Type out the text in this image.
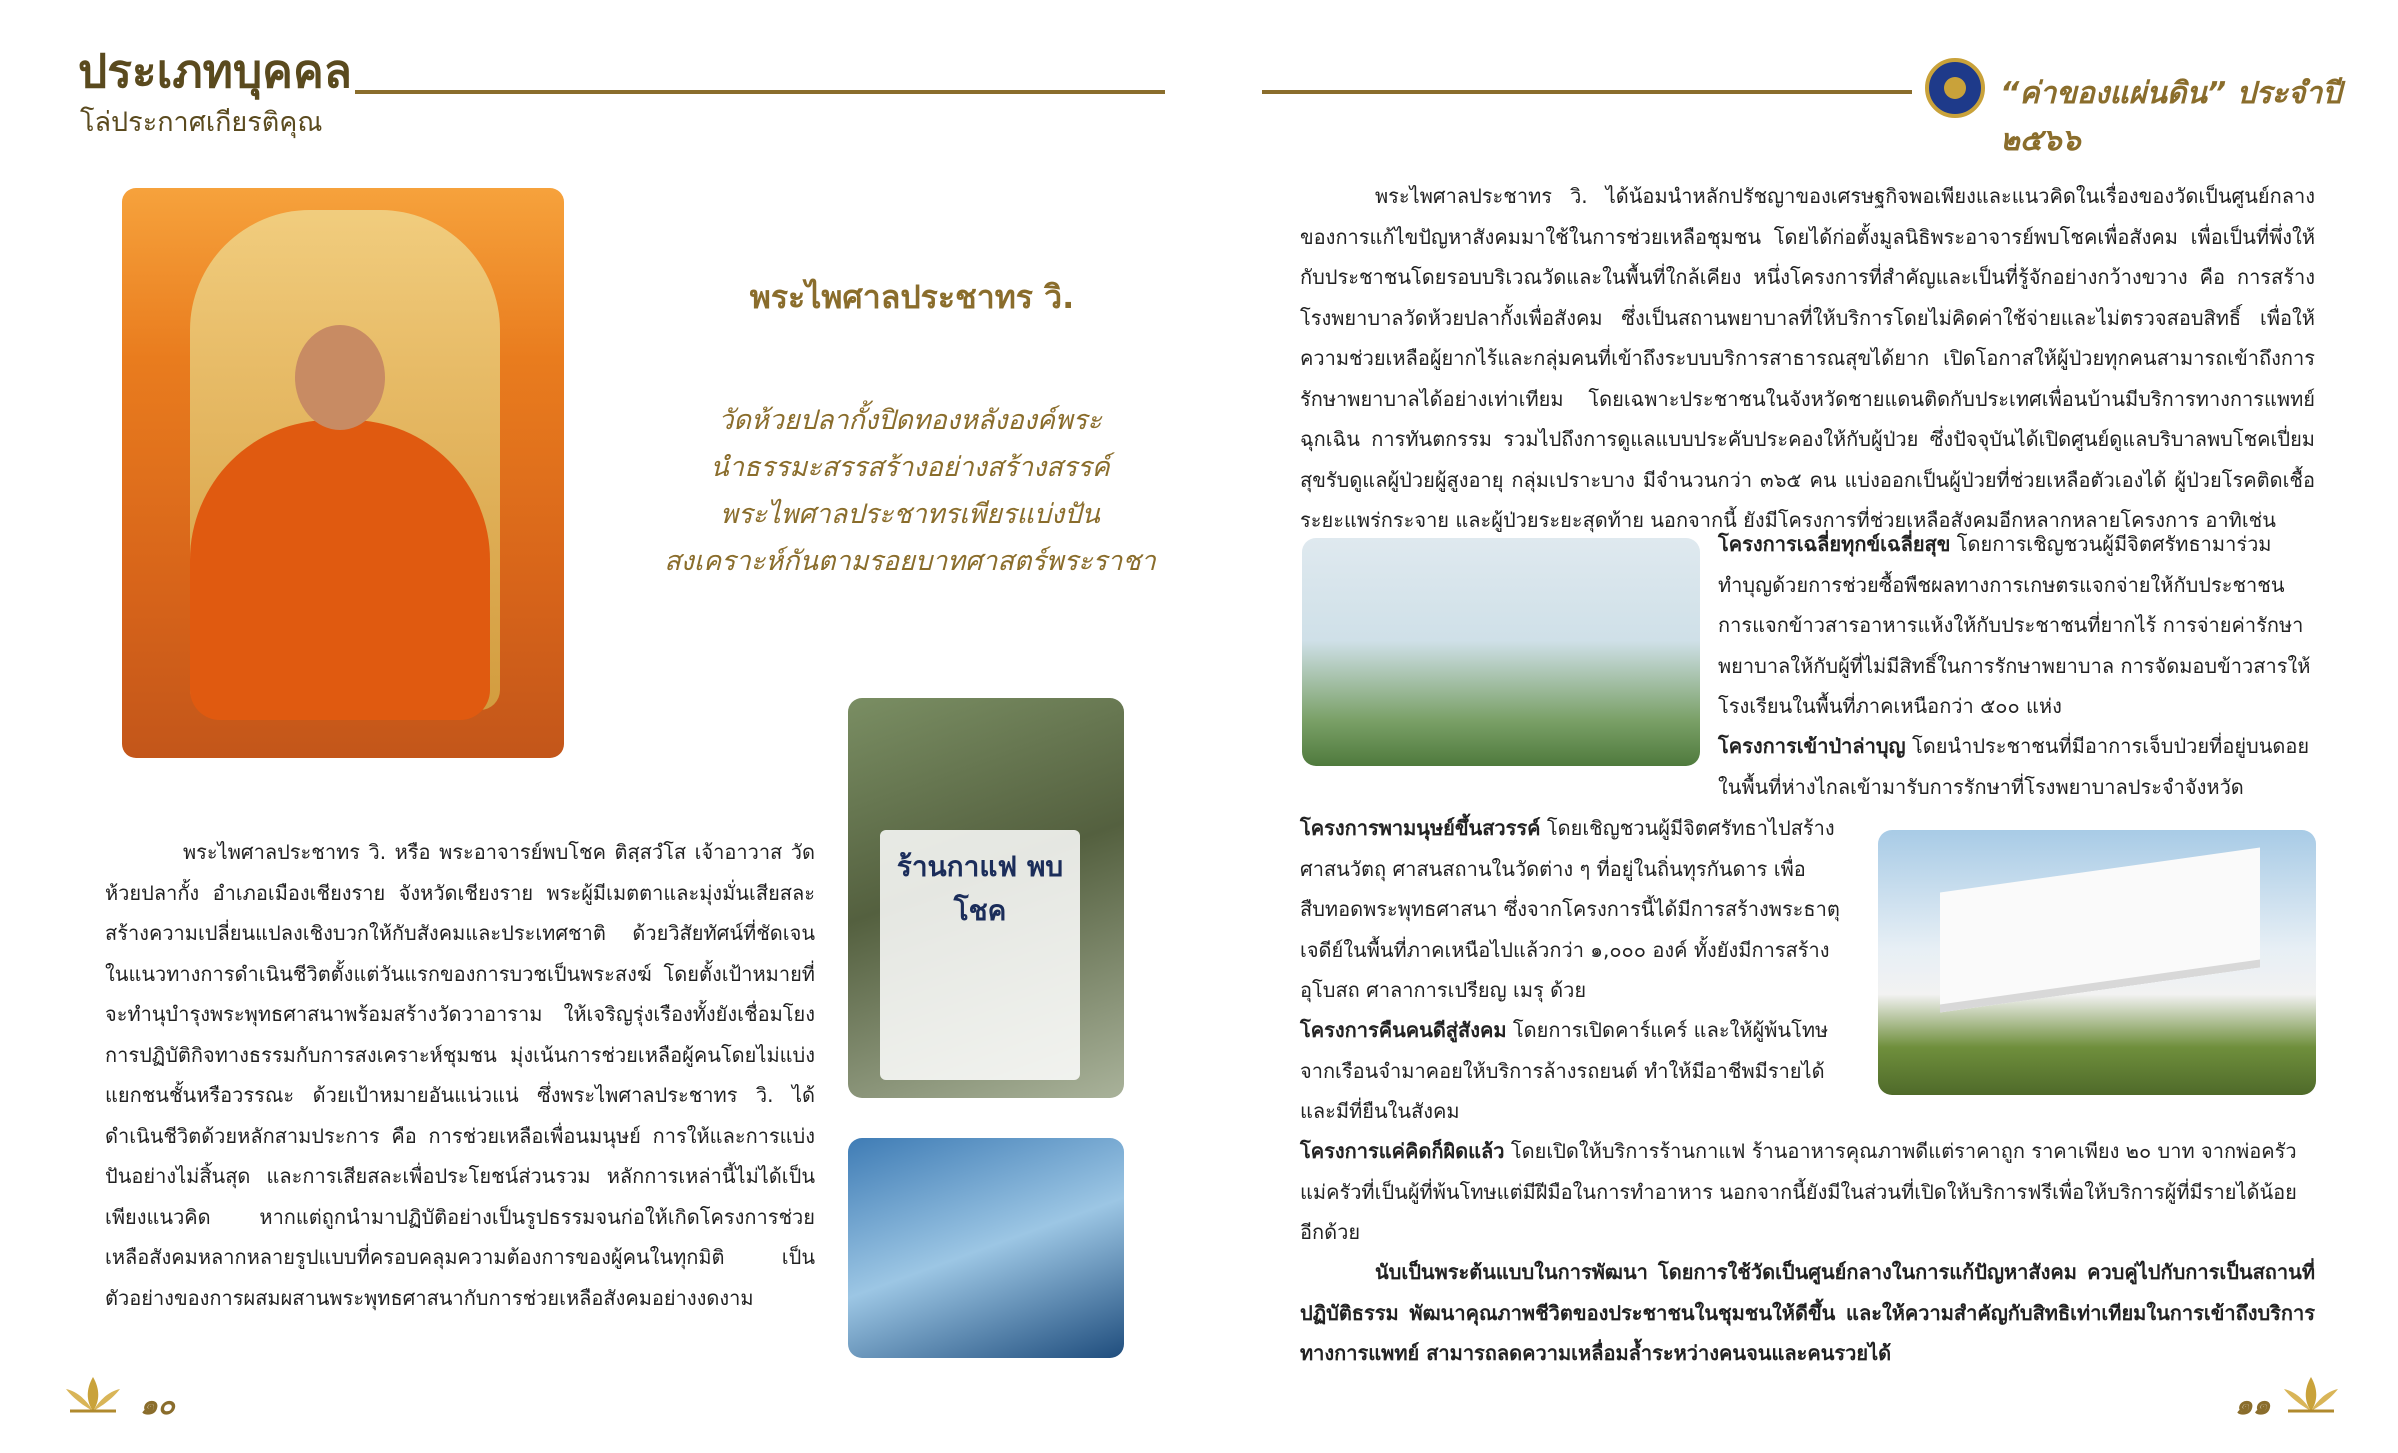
ประเภทบุคคล
โล่ประกาศเกียรติคุณ
“ค่าของแผ่นดิน” ประจำปี ๒๕๖๖
พระไพศาลประชาทร วิ.
วัดห้วยปลากั้งปิดทองหลังองค์พระ
นำธรรมะสรรสร้างอย่างสร้างสรรค์
พระไพศาลประชาทรเพียรแบ่งปัน
สงเคราะห์กันตามรอยบาทศาสตร์พระราชา
ร้านกาแฟ พบโชค
พระไพศาลประชาทร วิ. หรือ พระอาจารย์พบโชค ติสฺสวํโส เจ้าอาวาส วัดห้วยปลากั้ง อำเภอเมืองเชียงราย จังหวัดเชียงราย พระผู้มีเมตตาและมุ่งมั่นเสียสละสร้างความเปลี่ยนแปลงเชิงบวกให้กับสังคมและประเทศชาติ ด้วยวิสัยทัศน์ที่ชัดเจนในแนวทางการดำเนินชีวิตตั้งแต่วันแรกของการบวชเป็นพระสงฆ์ โดยตั้งเป้าหมายที่จะทำนุบำรุงพระพุทธศาสนาพร้อมสร้างวัดวาอาราม ให้เจริญรุ่งเรืองทั้งยังเชื่อมโยงการปฏิบัติกิจทางธรรมกับการสงเคราะห์ชุมชน มุ่งเน้นการช่วยเหลือผู้คนโดยไม่แบ่งแยกชนชั้นหรือวรรณะ ด้วยเป้าหมายอันแน่วแน่ ซึ่งพระไพศาลประชาทร วิ. ได้ดำเนินชีวิตด้วยหลักสามประการ คือ การช่วยเหลือเพื่อนมนุษย์ การให้และการแบ่งปันอย่างไม่สิ้นสุด และการเสียสละเพื่อประโยชน์ส่วนรวม หลักการเหล่านี้ไม่ได้เป็นเพียงแนวคิด หากแต่ถูกนำมาปฏิบัติอย่างเป็นรูปธรรมจนก่อให้เกิดโครงการช่วยเหลือสังคมหลากหลายรูปแบบที่ครอบคลุมความต้องการของผู้คนในทุกมิติ เป็นตัวอย่างของการผสมผสานพระพุทธศาสนากับการช่วยเหลือสังคมอย่างงดงาม
พระไพศาลประชาทร วิ. ได้น้อมนำหลักปรัชญาของเศรษฐกิจพอเพียงและแนวคิดในเรื่องของวัดเป็นศูนย์กลางของการแก้ไขปัญหาสังคมมาใช้ในการช่วยเหลือชุมชน โดยได้ก่อตั้งมูลนิธิพระอาจารย์พบโชคเพื่อสังคม เพื่อเป็นที่พึ่งให้กับประชาชนโดยรอบบริเวณวัดและในพื้นที่ใกล้เคียง หนึ่งโครงการที่สำคัญและเป็นที่รู้จักอย่างกว้างขวาง คือ การสร้างโรงพยาบาลวัดห้วยปลากั้งเพื่อสังคม ซึ่งเป็นสถานพยาบาลที่ให้บริการโดยไม่คิดค่าใช้จ่ายและไม่ตรวจสอบสิทธิ์ เพื่อให้ความช่วยเหลือผู้ยากไร้และกลุ่มคนที่เข้าถึงระบบบริการสาธารณสุขได้ยาก เปิดโอกาสให้ผู้ป่วยทุกคนสามารถเข้าถึงการรักษาพยาบาลได้อย่างเท่าเทียม โดยเฉพาะประชาชนในจังหวัดชายแดนติดกับประเทศเพื่อนบ้านมีบริการทางการแพทย์ฉุกเฉิน การทันตกรรม รวมไปถึงการดูแลแบบประคับประคองให้กับผู้ป่วย ซึ่งปัจจุบันได้เปิดศูนย์ดูแลบริบาลพบโชคเปี่ยมสุขรับดูแลผู้ป่วยผู้สูงอายุ กลุ่มเปราะบาง มีจำนวนกว่า ๓๖๕ คน แบ่งออกเป็นผู้ป่วยที่ช่วยเหลือตัวเองได้ ผู้ป่วยโรคติดเชื้อระยะแพร่กระจาย และผู้ป่วยระยะสุดท้าย นอกจากนี้ ยังมีโครงการที่ช่วยเหลือสังคมอีกหลากหลายโครงการ อาทิเช่น
โครงการเฉลี่ยทุกข์เฉลี่ยสุข โดยการเชิญชวนผู้มีจิตศรัทธามาร่วมทำบุญด้วยการช่วยซื้อพืชผลทางการเกษตรแจกจ่ายให้กับประชาชน การแจกข้าวสารอาหารแห้งให้กับประชาชนที่ยากไร้ การจ่ายค่ารักษาพยาบาลให้กับผู้ที่ไม่มีสิทธิ์ในการรักษาพยาบาล การจัดมอบข้าวสารให้โรงเรียนในพื้นที่ภาคเหนือกว่า ๕๐๐ แห่ง
โครงการเข้าป่าล่าบุญ โดยนำประชาชนที่มีอาการเจ็บป่วยที่อยู่บนดอยในพื้นที่ห่างไกลเข้ามารับการรักษาที่โรงพยาบาลประจำจังหวัด
โครงการพามนุษย์ขึ้นสวรรค์ โดยเชิญชวนผู้มีจิตศรัทธาไปสร้างศาสนวัตถุ ศาสนสถานในวัดต่าง ๆ ที่อยู่ในถิ่นทุรกันดาร เพื่อสืบทอดพระพุทธศาสนา ซึ่งจากโครงการนี้ได้มีการสร้างพระธาตุเจดีย์ในพื้นที่ภาคเหนือไปแล้วกว่า ๑,๐๐๐ องค์ ทั้งยังมีการสร้างอุโบสถ ศาลาการเปรียญ เมรุ ด้วย
โครงการคืนคนดีสู่สังคม โดยการเปิดคาร์แคร์ และให้ผู้พ้นโทษจากเรือนจำมาคอยให้บริการล้างรถยนต์ ทำให้มีอาชีพมีรายได้และมีที่ยืนในสังคม
โครงการแค่คิดก็ผิดแล้ว โดยเปิดให้บริการร้านกาแฟ ร้านอาหารคุณภาพดีแต่ราคาถูก ราคาเพียง ๒๐ บาท จากพ่อครัวแม่ครัวที่เป็นผู้ที่พ้นโทษแต่มีฝีมือในการทำอาหาร นอกจากนี้ยังมีในส่วนที่เปิดให้บริการฟรีเพื่อให้บริการผู้ที่มีรายได้น้อยอีกด้วย
นับเป็นพระต้นแบบในการพัฒนา โดยการใช้วัดเป็นศูนย์กลางในการแก้ปัญหาสังคม ควบคู่ไปกับการเป็นสถานที่ปฏิบัติธรรม พัฒนาคุณภาพชีวิตของประชาชนในชุมชนให้ดีขึ้น และให้ความสำคัญกับสิทธิเท่าเทียมในการเข้าถึงบริการทางการแพทย์ สามารถลดความเหลื่อมล้ำระหว่างคนจนและคนรวยได้
๑๐	๑๑
